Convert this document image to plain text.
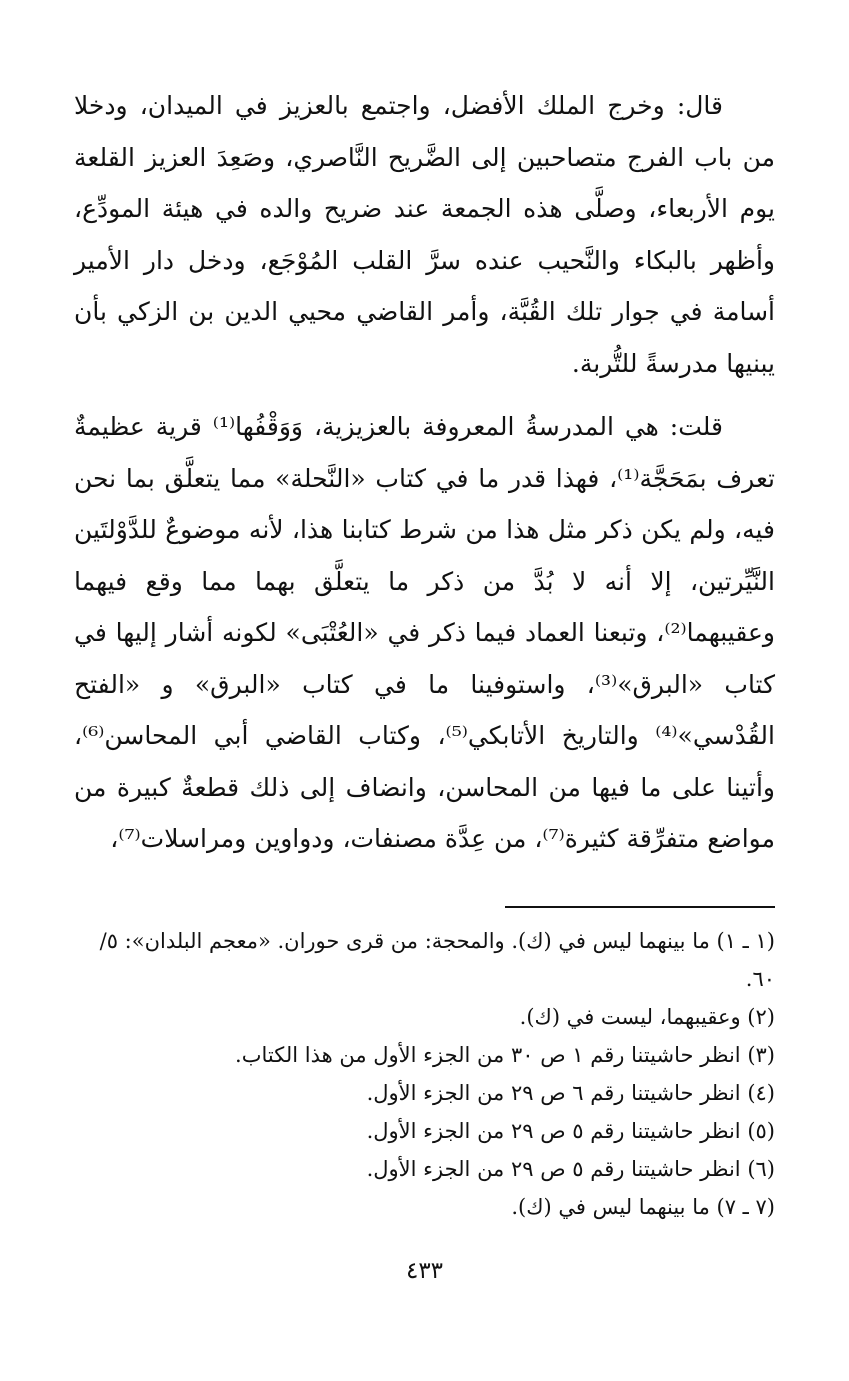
قال: وخرج الملك الأفضل، واجتمع بالعزيز في الميدان، ودخلا من باب الفرج متصاحبين إلى الضَّريح النَّاصري، وصَعِدَ العزيز القلعة يوم الأربعاء، وصلَّى هذه الجمعة عند ضريح والده في هيئة المودِّع، وأظهر بالبكاء والنَّحيب عنده سرَّ القلب المُوْجَع، ودخل دار الأمير أسامة في جوار تلك القُبَّة، وأمر القاضي محيي الدين بن الزكي بأن يبنيها مدرسةً للتُّربة.

قلت: هي المدرسةُ المعروفة بالعزيزية، وَوَقْفُها⁽¹⁾ قرية عظيمةٌ تعرف بمَحَجَّة⁽¹⁾، فهذا قدر ما في كتاب «النَّحلة» مما يتعلَّق بما نحن فيه، ولم يكن ذكر مثل هذا من شرط كتابنا هذا، لأنه موضوعٌ للدَّوْلتَين النَّيِّرتين، إلا أنه لا بُدَّ من ذكر ما يتعلَّق بهما مما وقع فيهما وعقيبهما⁽²⁾، وتبعنا العماد فيما ذكر في «العُتْبَى» لكونه أشار إليها في كتاب «البرق»⁽³⁾، واستوفينا ما في كتاب «البرق» و «الفتح القُدْسي»⁽⁴⁾ والتاريخ الأتابكي⁽⁵⁾، وكتاب القاضي أبي المحاسن⁽⁶⁾، وأتينا على ما فيها من المحاسن، وانضاف إلى ذلك قطعةٌ كبيرة من مواضع متفرِّقة كثيرة⁽⁷⁾، من عِدَّة مصنفات، ودواوين ومراسلات⁽⁷⁾،

(١ ـ ١) ما بينهما ليس في (ك). والمحجة: من قرى حوران. «معجم البلدان»: ٥/ ٦٠.

(٢) وعقيبهما، ليست في (ك).

(٣) انظر حاشيتنا رقم ١ ص ٣٠ من الجزء الأول من هذا الكتاب.

(٤) انظر حاشيتنا رقم ٦ ص ٢٩ من الجزء الأول.

(٥) انظر حاشيتنا رقم ٥ ص ٢٩ من الجزء الأول.

(٦) انظر حاشيتنا رقم ٥ ص ٢٩ من الجزء الأول.

(٧ ـ ٧) ما بينهما ليس في (ك).

٤٣٣
